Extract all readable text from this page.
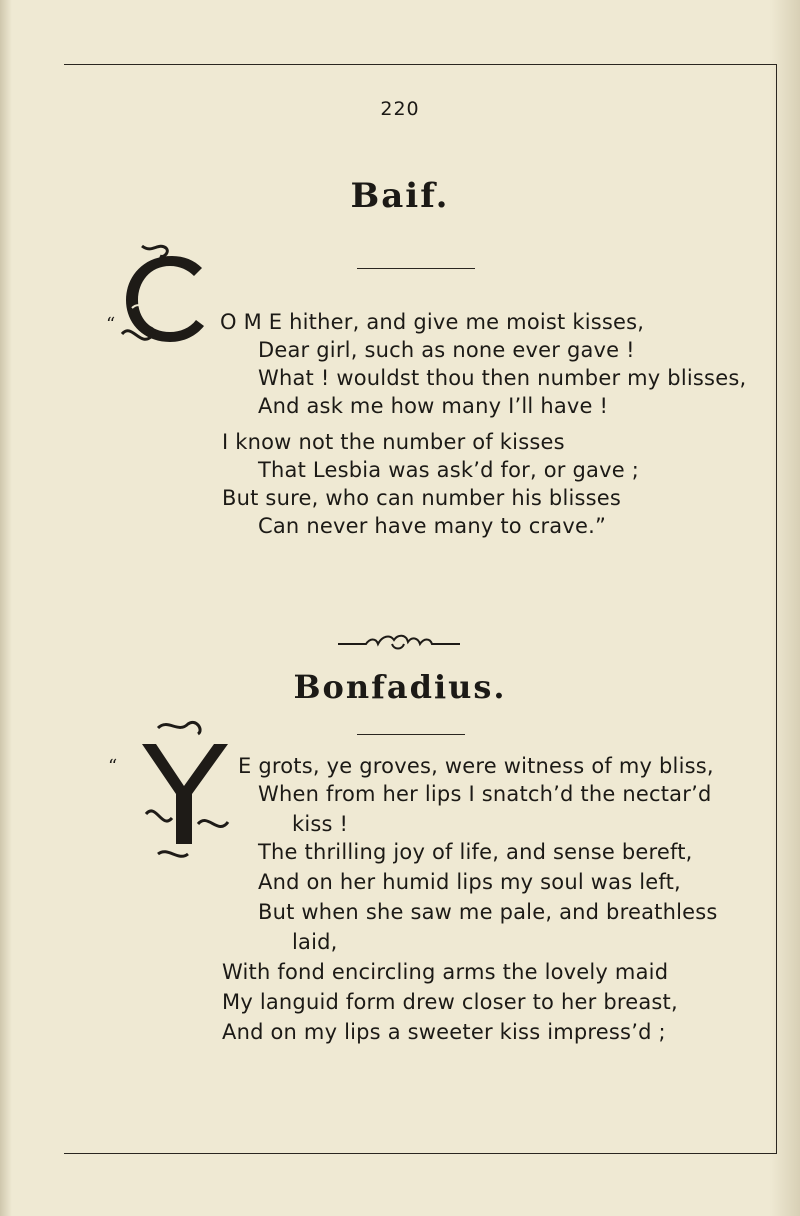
220
Baif.
“	O M E hither, and give me moist kisses,
Dear girl, such as none ever gave !
What ! wouldst thou then number my blisses,
And ask me how many I’ll have !
I know not the number of kisses
That Lesbia was ask’d for, or gave ;
But sure, who can number his blisses
Can never have many to crave.”
Bonfadius.
“	E grots, ye groves, were witness of my bliss,
When from her lips I snatch’d the nectar’d
kiss !
The thrilling joy of life, and sense bereft,
And on her humid lips my soul was left,
But when she saw me pale, and breathless
laid,
With fond encircling arms the lovely maid
My languid form drew closer to her breast,
And on my lips a sweeter kiss impress’d ;
